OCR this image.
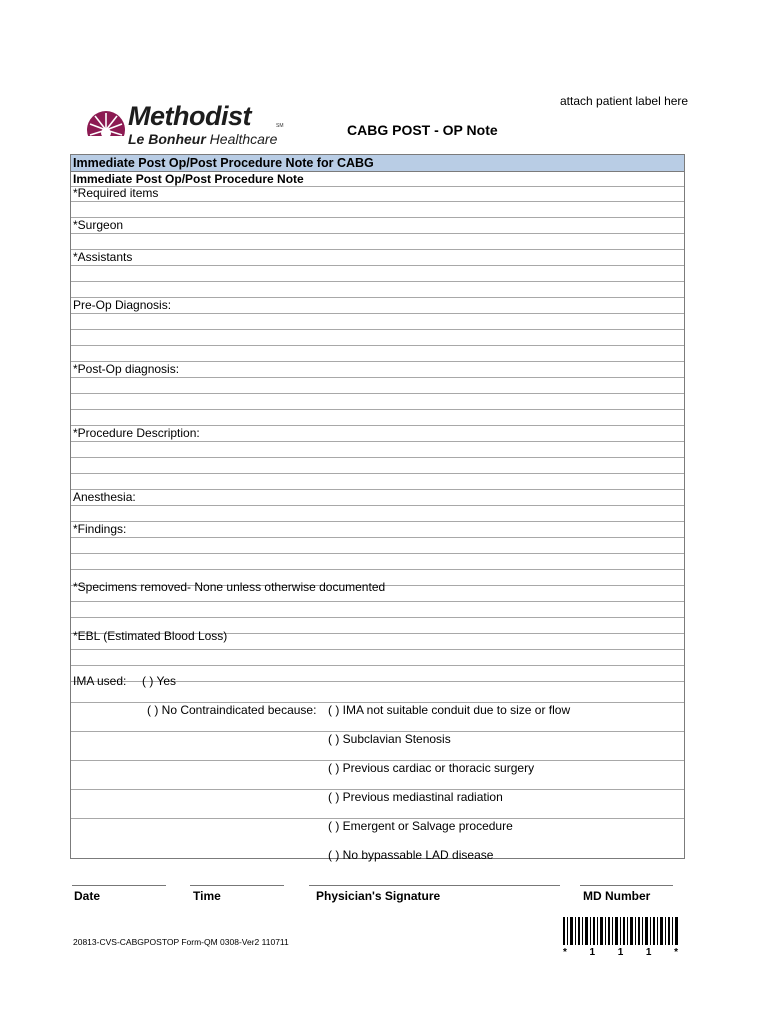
attach patient label here
Methodist	SM
Le Bonheur Healthcare
CABG POST - OP Note
Immediate Post Op/Post Procedure Note for CABG
Immediate Post Op/Post Procedure Note
*Required items
*Surgeon
*Assistants
Pre-Op Diagnosis:
*Post-Op diagnosis:
*Procedure Description:
Anesthesia:
*Findings:
*Specimens removed- None unless otherwise documented
*EBL (Estimated Blood Loss)
IMA used: ( ) Yes
( ) No Contraindicated because: ( ) IMA not suitable conduit due to size or flow
( ) Subclavian Stenosis
( ) Previous cardiac or thoracic surgery
( ) Previous mediastinal radiation
( ) Emergent or Salvage procedure
( ) No bypassable LAD disease
Date	Time	Physician's Signature	MD Number
20813-CVS-CABGPOSTOP Form-QM 0308-Ver2 110711
* 1 1 1 *
